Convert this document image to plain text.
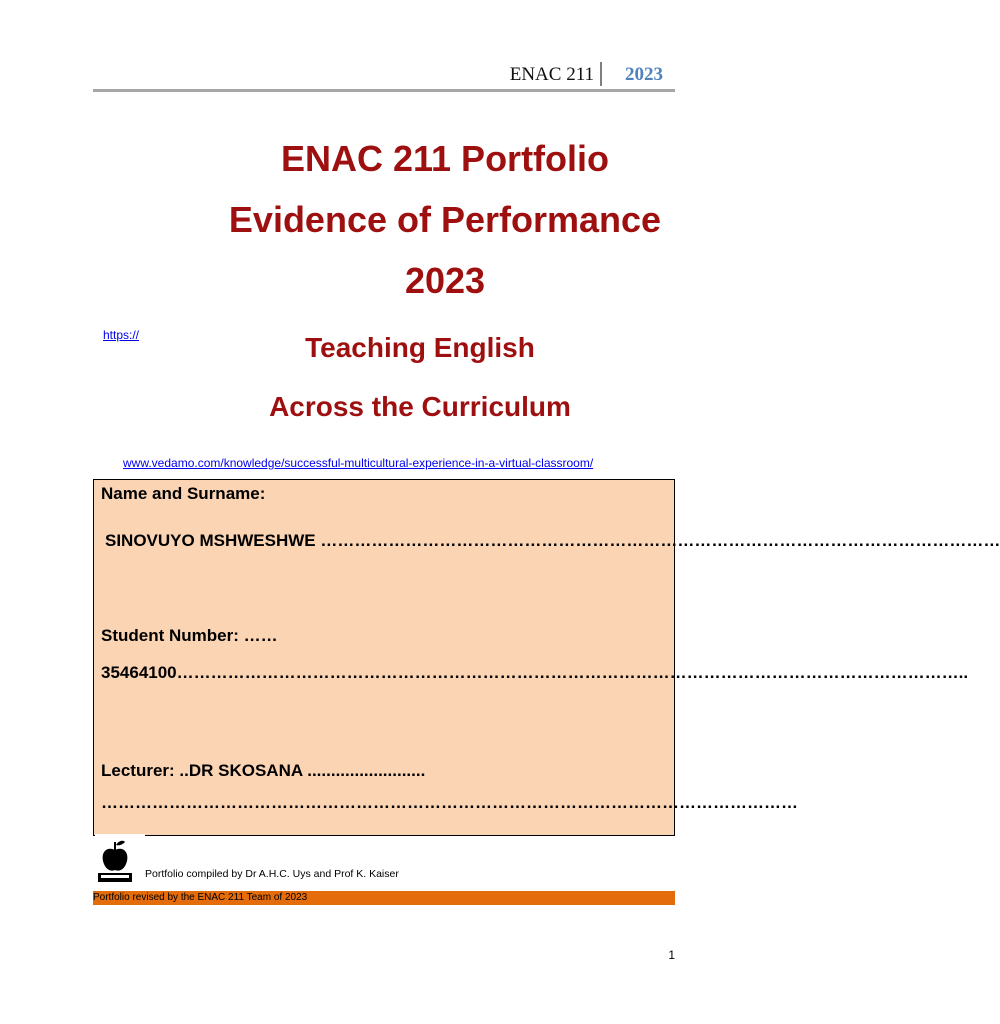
ENAC 211 2023
ENAC 211 Portfolio
Evidence of Performance
2023
https://	Teaching English
Across the Curriculum
www.vedamo.com/knowledge/successful-multicultural-experience-in-a-virtual-classroom/
Name and Surname:
SINOVUYO MSHWESHWE …………………………………………………………………………………………………………
Student Number: ……
35464100…………………………………………………………………………………………………………………………..
Lecturer: ..DR SKOSANA .........................
……………………………………………………………………………………………………………
Portfolio compiled by Dr A.H.C. Uys and Prof K. Kaiser
Portfolio revised by the ENAC 211 Team of 2023
1
